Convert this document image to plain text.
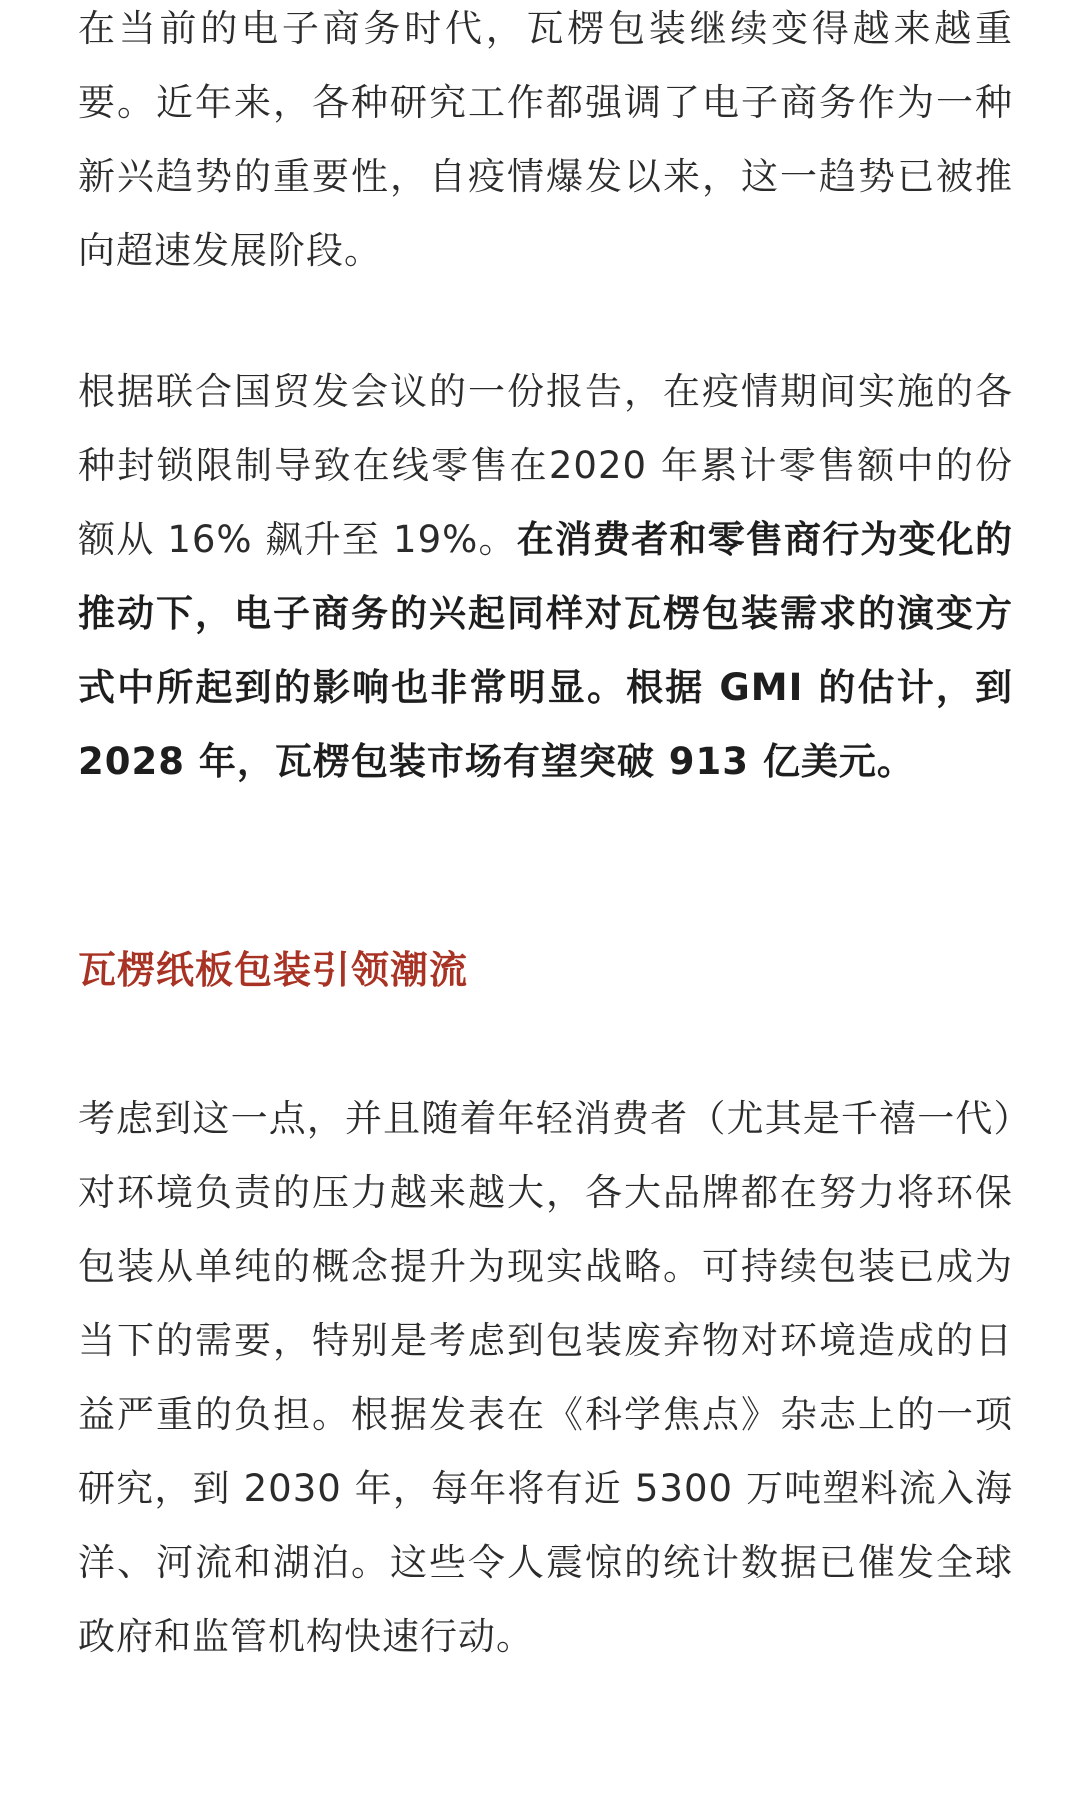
在当前的电子商务时代，瓦楞包装继续变得越来越重要。近年来，各种研究工作都强调了电子商务作为一种新兴趋势的重要性，自疫情爆发以来，这一趋势已被推向超速发展阶段。

根据联合国贸发会议的一份报告，在疫情期间实施的各种封锁限制导致在线零售在2020 年累计零售额中的份额从 16% 飙升至 19%。在消费者和零售商行为变化的推动下，电子商务的兴起同样对瓦楞包装需求的演变方式中所起到的影响也非常明显。根据 GMI 的估计，到 2028 年，瓦楞包装市场有望突破 913 亿美元。

瓦楞纸板包装引领潮流

考虑到这一点，并且随着年轻消费者（尤其是千禧一代）对环境负责的压力越来越大，各大品牌都在努力将环保包装从单纯的概念提升为现实战略。可持续包装已成为当下的需要，特别是考虑到包装废弃物对环境造成的日益严重的负担。根据发表在《科学焦点》杂志上的一项研究，到 2030 年，每年将有近 5300 万吨塑料流入海洋、河流和湖泊。这些令人震惊的统计数据已催发全球政府和监管机构快速行动。
